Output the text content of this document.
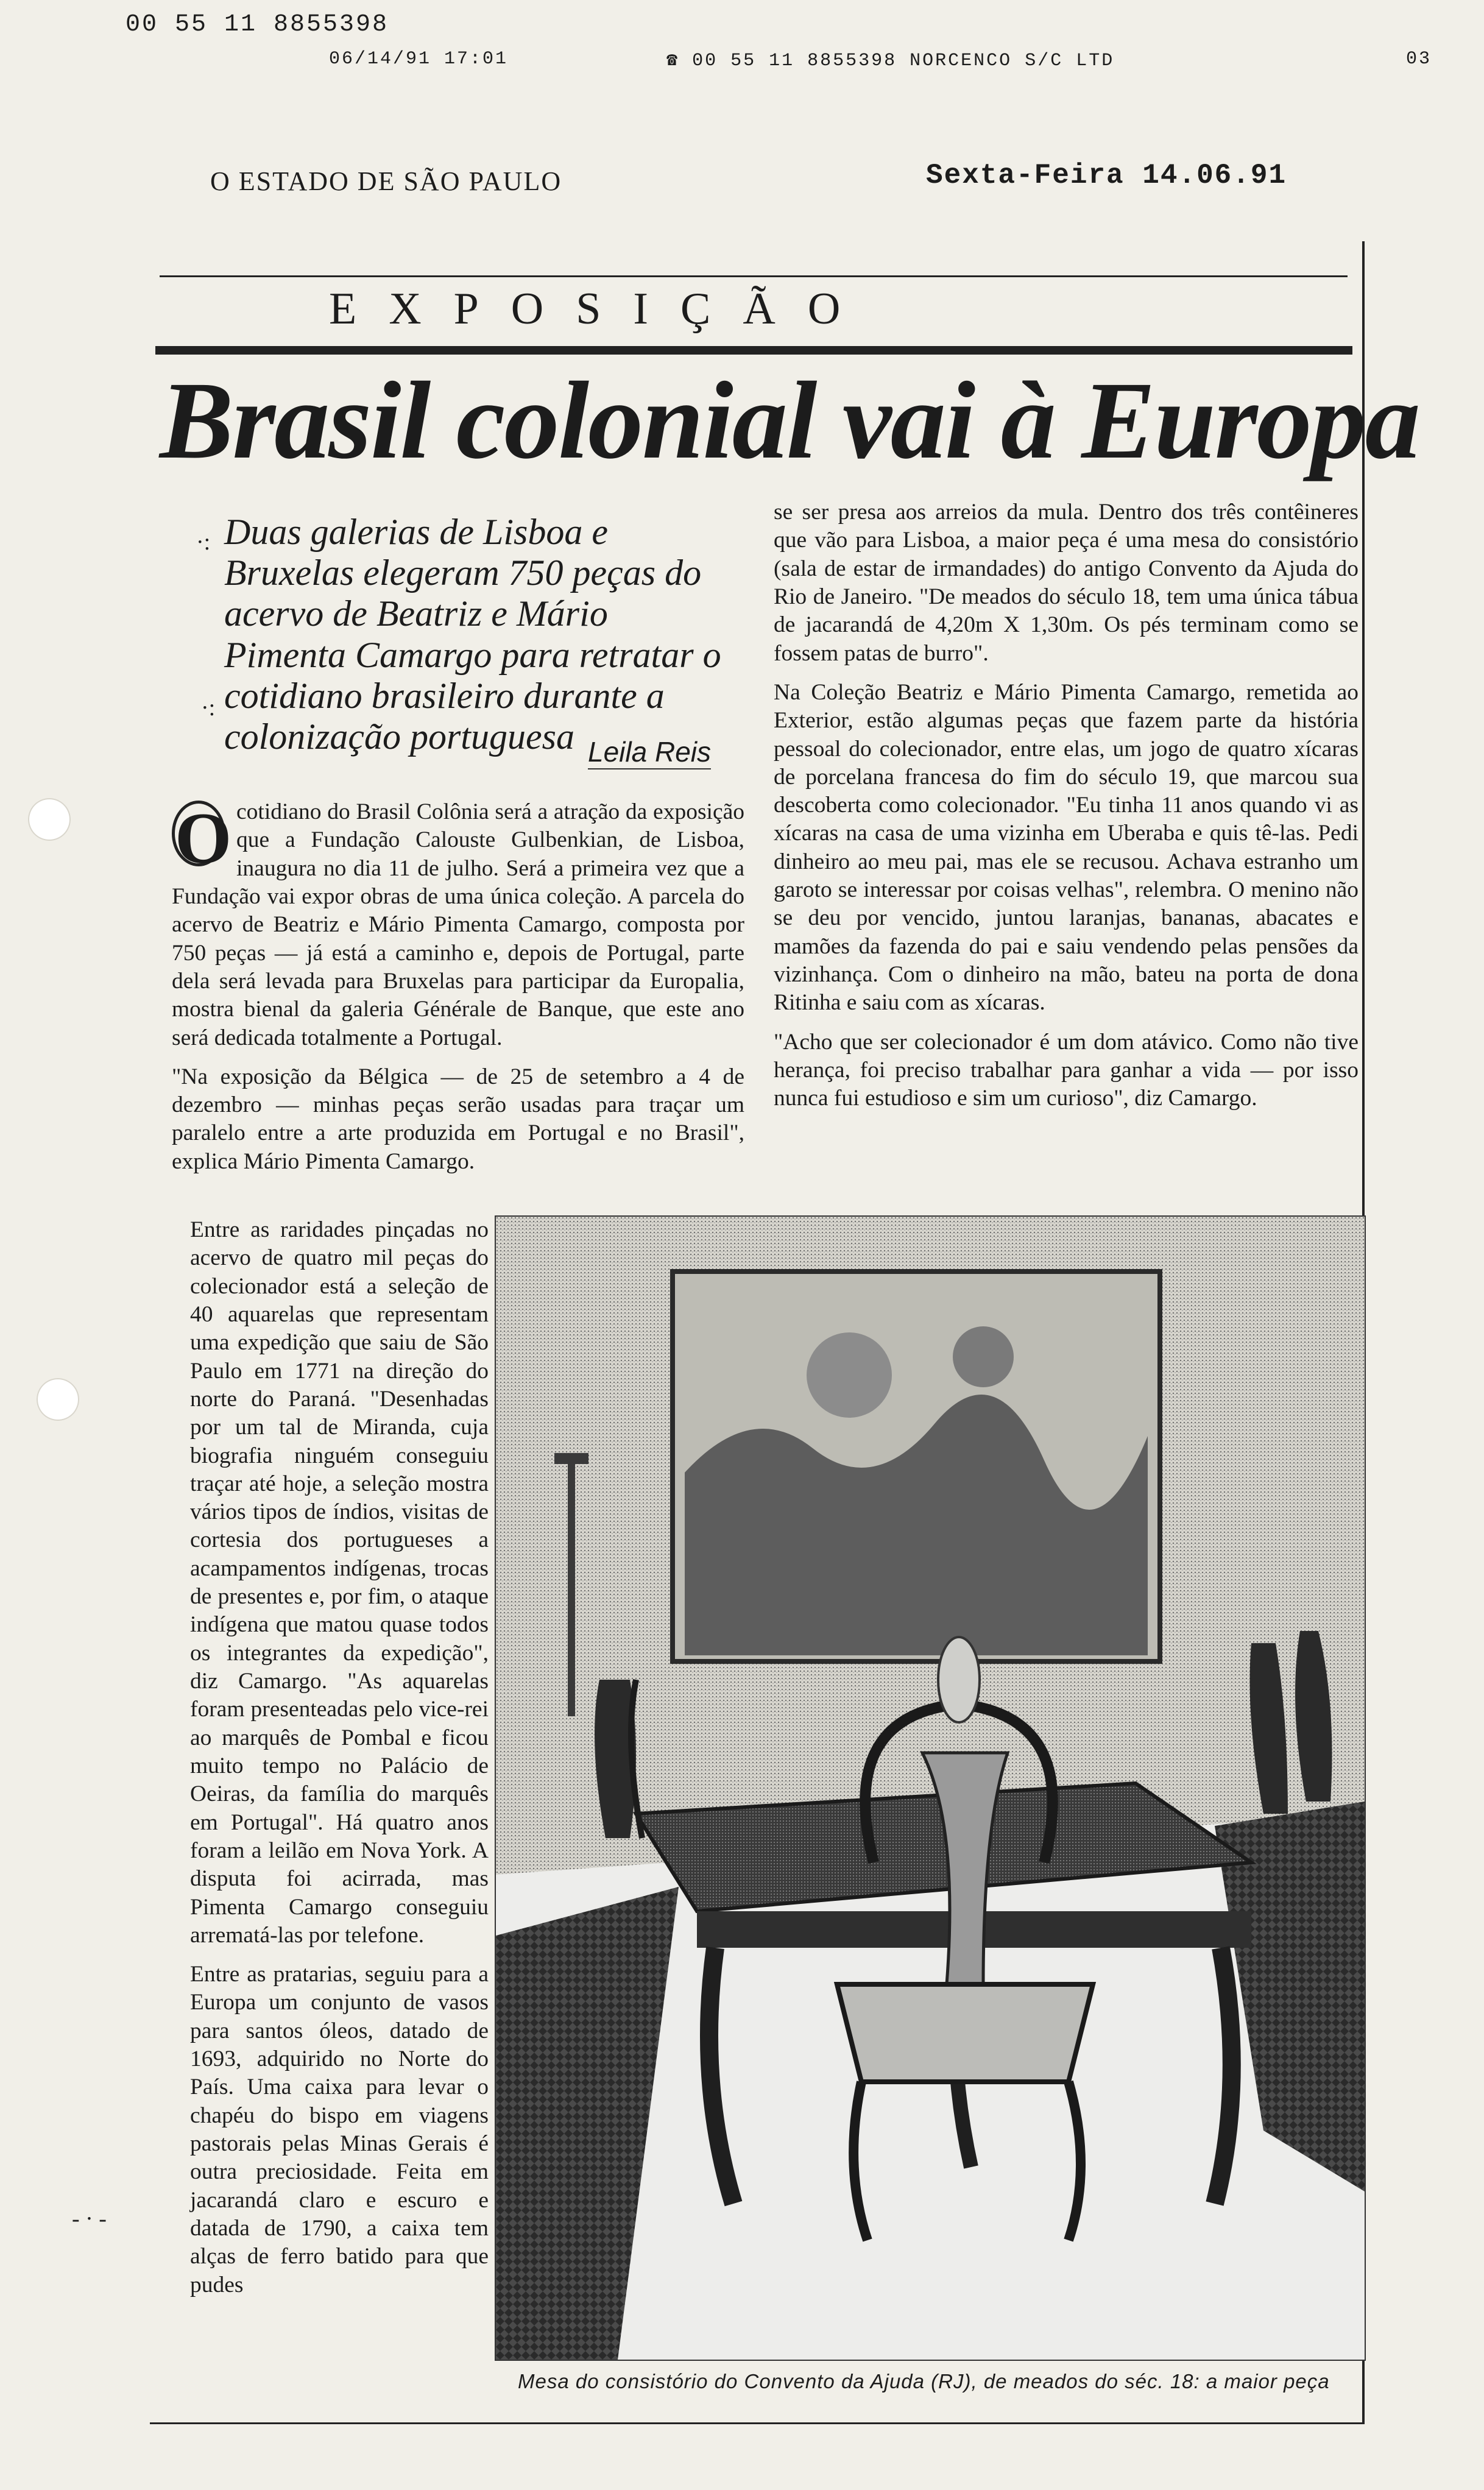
00 55 11 8855398
06/14/91 17:01	☎ 00 55 11 8855398 NORCENCO S/C LTD	03
·:
·:
- · -
O ESTADO DE SÃO PAULO	Sexta-Feira 14.06.91
EXPOSIÇÃO
Brasil colonial vai à Europa
Duas galerias de Lisboa e Bruxelas elegeram 750 peças do acervo de Beatriz e Mário Pimenta Camargo para retratar o cotidiano brasileiro durante a colonização portuguesa Leila Reis

O cotidiano do Brasil Colônia será a atração da exposição que a Fundação Calouste Gulbenkian, de Lisboa, inaugura no dia 11 de julho. Será a primeira vez que a Fundação vai expor obras de uma única coleção. A parcela do acervo de Beatriz e Mário Pimenta Camargo, composta por 750 peças — já está a caminho e, depois de Portugal, parte dela será levada para Bruxelas para participar da Europalia, mostra bienal da galeria Générale de Banque, que este ano será dedicada totalmente a Portugal.

"Na exposição da Bélgica — de 25 de setembro a 4 de dezembro — minhas peças serão usadas para traçar um paralelo entre a arte produzida em Portugal e no Brasil", explica Mário Pimenta Camargo.

Entre as raridades pinçadas no acervo de quatro mil peças do colecionador está a seleção de 40 aquarelas que representam uma expedição que saiu de São Paulo em 1771 na direção do norte do Paraná. "Desenhadas por um tal de Miranda, cuja biografia ninguém conseguiu traçar até hoje, a seleção mostra vários tipos de índios, visitas de cortesia dos portugueses a acampamentos indígenas, trocas de presentes e, por fim, o ataque indígena que matou quase todos os integrantes da expedição", diz Camargo. "As aquarelas foram presenteadas pelo vice-rei ao marquês de Pombal e ficou muito tempo no Palácio de Oeiras, da família do marquês em Portugal". Há quatro anos foram a leilão em Nova York. A disputa foi acirrada, mas Pimenta Camargo conseguiu arrematá-las por telefone.

Entre as pratarias, seguiu para a Europa um conjunto de vasos para santos óleos, datado de 1693, adquirido no Norte do País. Uma caixa para levar o chapéu do bispo em viagens pastorais pelas Minas Gerais é outra preciosidade. Feita em jacarandá claro e escuro e datada de 1790, a caixa tem alças de ferro batido para que pudes

se ser presa aos arreios da mula. Dentro dos três contêineres que vão para Lisboa, a maior peça é uma mesa do consistório (sala de estar de irmandades) do antigo Convento da Ajuda do Rio de Janeiro. "De meados do século 18, tem uma única tábua de jacarandá de 4,20m X 1,30m. Os pés terminam como se fossem patas de burro".

Na Coleção Beatriz e Mário Pimenta Camargo, remetida ao Exterior, estão algumas peças que fazem parte da história pessoal do colecionador, entre elas, um jogo de quatro xícaras de porcelana francesa do fim do século 19, que marcou sua descoberta como colecionador. "Eu tinha 11 anos quando vi as xícaras na casa de uma vizinha em Uberaba e quis tê-las. Pedi dinheiro ao meu pai, mas ele se recusou. Achava estranho um garoto se interessar por coisas velhas", relembra. O menino não se deu por vencido, juntou laranjas, bananas, abacates e mamões da fazenda do pai e saiu vendendo pelas pensões da vizinhança. Com o dinheiro na mão, bateu na porta de dona Ritinha e saiu com as xícaras.

"Acho que ser colecionador é um dom atávico. Como não tive herança, foi preciso trabalhar para ganhar a vida — por isso nunca fui estudioso e sim um curioso", diz Camargo.

Mesa do consistório do Convento da Ajuda (RJ), de meados do séc. 18: a maior peça
